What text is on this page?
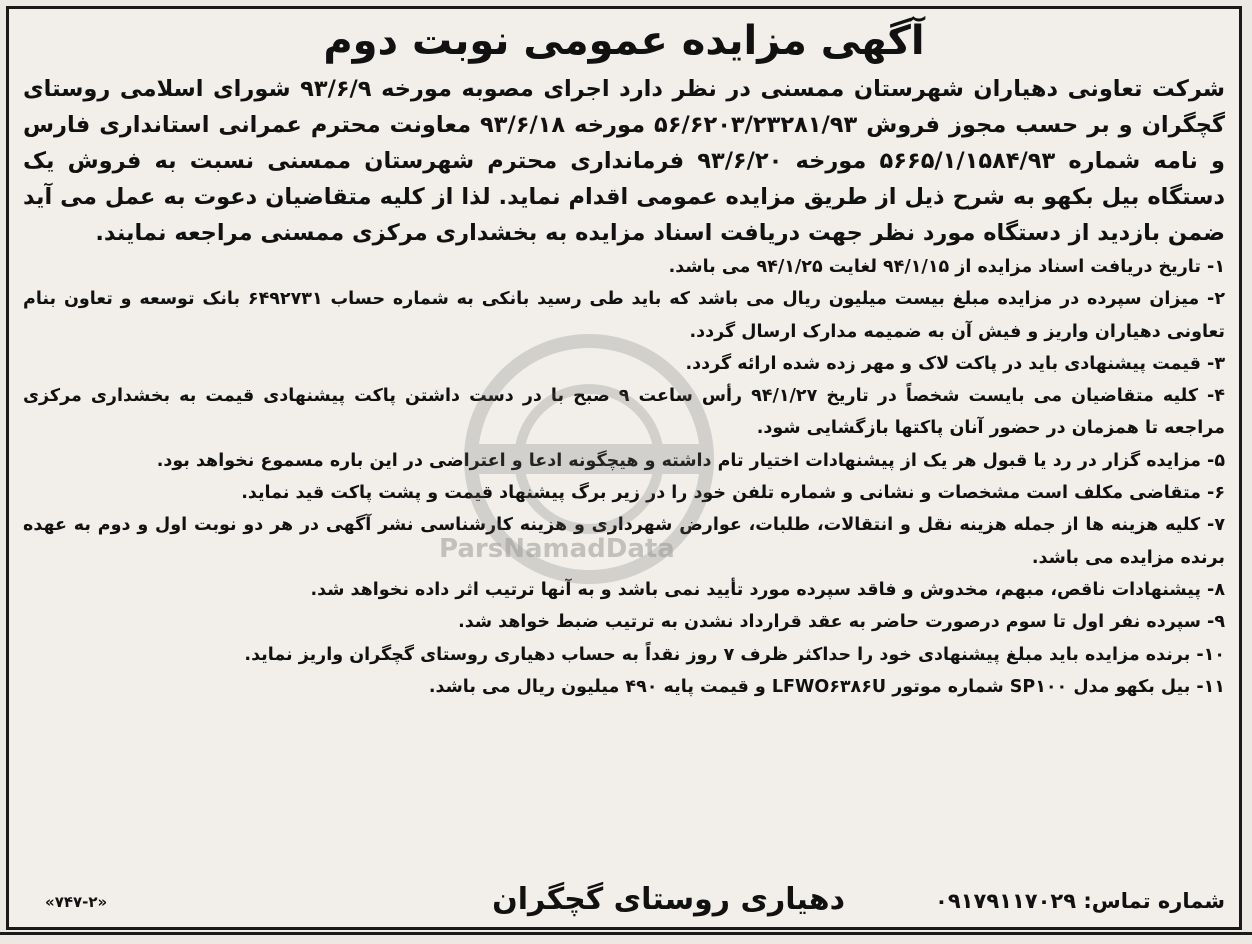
ParsNamadData
آگهی مزایده عمومی نوبت دوم

شرکت تعاونی دهیاران شهرستان ممسنی در نظر دارد اجرای مصوبه مورخه ۹۳/۶/۹ شورای اسلامی روستای گچگران و بر حسب مجوز فروش ۵۶/۶۲۰۳/۲۳۲۸۱/۹۳ مورخه ۹۳/۶/۱۸ معاونت محترم عمرانی استانداری فارس و نامه شماره ۵۶۶۵/۱/۱۵۸۴/۹۳ مورخه ۹۳/۶/۲۰ فرمانداری محترم شهرستان ممسنی نسبت به فروش یک دستگاه بیل بکهو به شرح ذیل از طریق مزایده عمومی اقدام نماید. لذا از کلیه متقاضیان دعوت به عمل می آید ضمن بازدید از دستگاه مورد نظر جهت دریافت اسناد مزایده به بخشداری مرکزی ممسنی مراجعه نمایند.

۱- تاریخ دریافت اسناد مزایده از ۹۴/۱/۱۵ لغایت ۹۴/۱/۲۵ می باشد.
۲- میزان سپرده در مزایده مبلغ بیست میلیون ریال می باشد که باید طی رسید بانکی به شماره حساب ۶۴۹۲۷۳۱ بانک توسعه و تعاون بنام تعاونی دهیاران واریز و فیش آن به ضمیمه مدارک ارسال گردد.
۳- قیمت پیشنهادی باید در پاکت لاک و مهر زده شده ارائه گردد.
۴- کلیه متقاضیان می بایست شخصاً در تاریخ ۹۴/۱/۲۷ رأس ساعت ۹ صبح با در دست داشتن پاکت پیشنهادی قیمت به بخشداری مرکزی مراجعه تا همزمان در حضور آنان پاکتها بازگشایی شود.
۵- مزایده گزار در رد یا قبول هر یک از پیشنهادات اختیار تام داشته و هیچگونه ادعا و اعتراضی در این باره مسموع نخواهد بود.
۶- متقاضی مکلف است مشخصات و نشانی و شماره تلفن خود را در زیر برگ پیشنهاد قیمت و پشت پاکت قید نماید.
۷- کلیه هزینه ها از جمله هزینه نقل و انتقالات، طلبات، عوارض شهرداری و هزینه کارشناسی نشر آگهی در هر دو نوبت اول و دوم به عهده برنده مزایده می باشد.
۸- پیشنهادات ناقص، مبهم، مخدوش و فاقد سپرده مورد تأیید نمی باشد و به آنها ترتیب اثر داده نخواهد شد.
۹- سپرده نفر اول تا سوم درصورت حاضر به عقد قرارداد نشدن به ترتیب ضبط خواهد شد.
۱۰- برنده مزایده باید مبلغ پیشنهادی خود را حداکثر ظرف ۷ روز نقداً به حساب دهیاری روستای گچگران واریز نماید.
۱۱- بیل بکهو مدل SP۱۰۰ شماره موتور LFWO۶۳۸۶U و قیمت پایه ۴۹۰ میلیون ریال می باشد.
شماره تماس: ۰۹۱۷۹۱۱۷۰۲۹
دهیاری روستای گچگران
«۷۴۷-۲»
